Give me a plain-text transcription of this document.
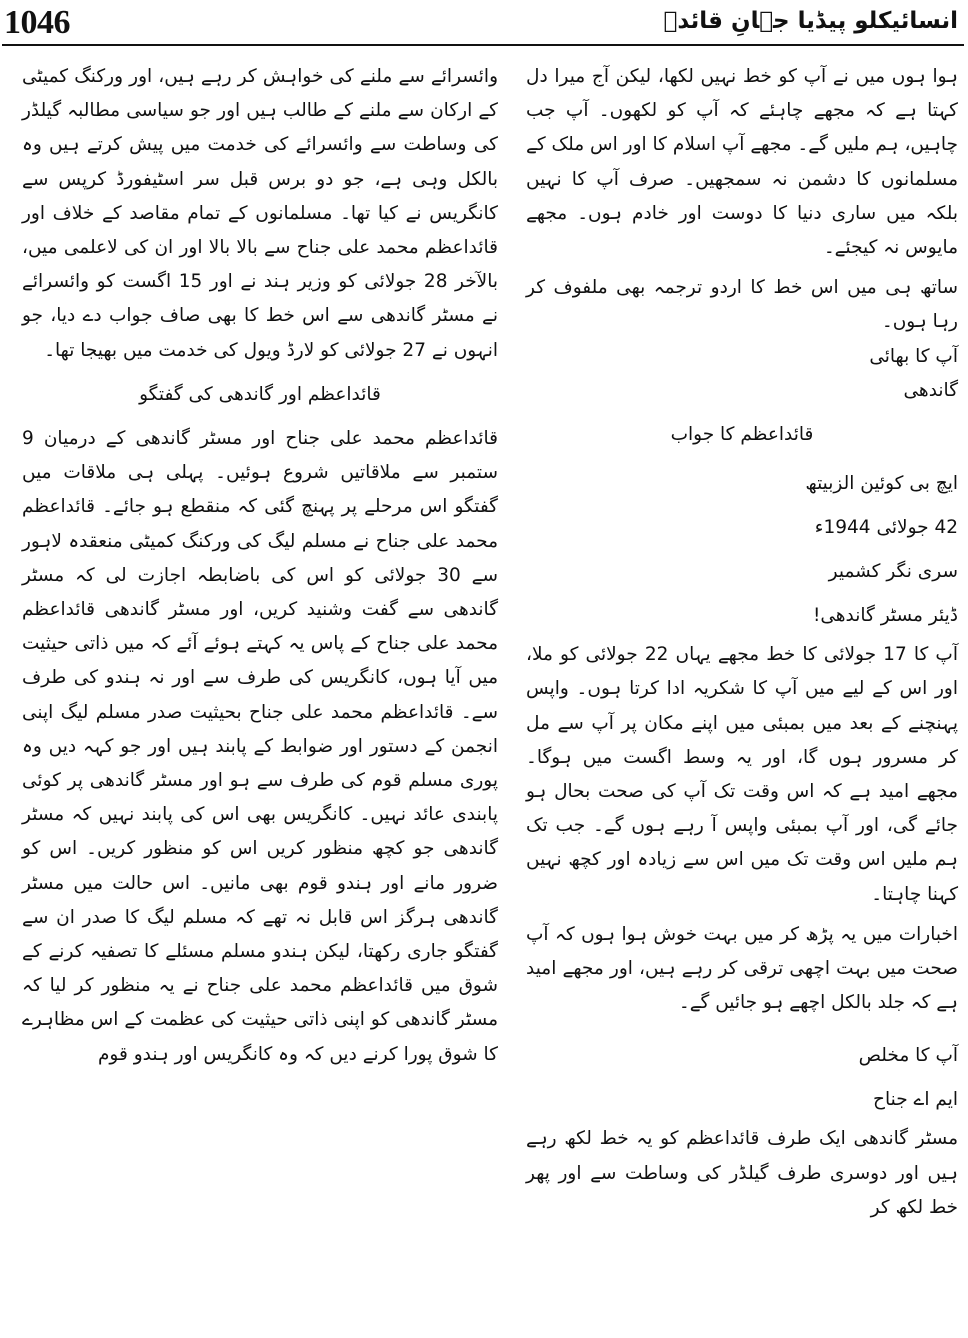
1046	انسائیکلو پیڈیا جہانِ قائدؒ

ہوا ہوں میں نے آپ کو خط نہیں لکھا، لیکن آج میرا دل کہتا ہے کہ مجھے چاہئے کہ آپ کو لکھوں۔ آپ جب چاہیں، ہم ملیں گے۔ مجھے آپ اسلام کا اور اس ملک کے مسلمانوں کا دشمن نہ سمجھیں۔ صرف آپ کا نہیں بلکہ میں ساری دنیا کا دوست اور خادم ہوں۔ مجھے مایوس نہ کیجئے۔

ساتھ ہی میں اس خط کا اردو ترجمہ بھی ملفوف کر رہا ہوں۔

آپ کا بھائی

گاندھی

قائداعظم کا جواب

ایچ بی کوئین الزبیتھ

42 جولائی 1944ء

سری نگر کشمیر

ڈیئر مسٹر گاندھی!

آپ کا 17 جولائی کا خط مجھے یہاں 22 جولائی کو ملا، اور اس کے لیے میں آپ کا شکریہ ادا کرتا ہوں۔ واپس پہنچنے کے بعد میں بمبئی میں اپنے مکان پر آپ سے مل کر مسرور ہوں گا، اور یہ وسط اگست میں ہوگا۔ مجھے امید ہے کہ اس وقت تک آپ کی صحت بحال ہو جائے گی، اور آپ بمبئی واپس آ رہے ہوں گے۔ جب تک ہم ملیں اس وقت تک میں اس سے زیادہ اور کچھ نہیں کہنا چاہتا۔

اخبارات میں یہ پڑھ کر میں بہت خوش ہوا ہوں کہ آپ صحت میں بہت اچھی ترقی کر رہے ہیں، اور مجھے امید ہے کہ جلد بالکل اچھے ہو جائیں گے۔

آپ کا مخلص

ایم اے جناح

مسٹر گاندھی ایک طرف قائداعظم کو یہ خط لکھ رہے ہیں اور دوسری طرف گیلڈر کی وساطت سے اور پھر خط لکھ کر

وائسرائے سے ملنے کی خواہش کر رہے ہیں، اور ورکنگ کمیٹی کے ارکان سے ملنے کے طالب ہیں اور جو سیاسی مطالبہ گیلڈر کی وساطت سے وائسرائے کی خدمت میں پیش کرتے ہیں وہ بالکل وہی ہے، جو دو برس قبل سر اسٹیفورڈ کرپس سے کانگریس نے کیا تھا۔ مسلمانوں کے تمام مقاصد کے خلاف اور قائداعظم محمد علی جناح سے بالا بالا اور ان کی لاعلمی میں، بالآخر 28 جولائی کو وزیر ہند نے اور 15 اگست کو وائسرائے نے مسٹر گاندھی سے اس خط کا بھی صاف جواب دے دیا، جو انہوں نے 27 جولائی کو لارڈ ویول کی خدمت میں بھیجا تھا۔

قائداعظم اور گاندھی کی گفتگو

قائداعظم محمد علی جناح اور مسٹر گاندھی کے درمیان 9 ستمبر سے ملاقاتیں شروع ہوئیں۔ پہلی ہی ملاقات میں گفتگو اس مرحلے پر پہنچ گئی کہ منقطع ہو جائے۔ قائداعظم محمد علی جناح نے مسلم لیگ کی ورکنگ کمیٹی منعقدہ لاہور سے 30 جولائی کو اس کی باضابطہ اجازت لی کہ مسٹر گاندھی سے گفت وشنید کریں، اور مسٹر گاندھی قائداعظم محمد علی جناح کے پاس یہ کہتے ہوئے آئے کہ میں ذاتی حیثیت میں آیا ہوں، کانگریس کی طرف سے اور نہ ہندو کی طرف سے۔ قائداعظم محمد علی جناح بحیثیت صدر مسلم لیگ اپنی انجمن کے دستور اور ضوابط کے پابند ہیں اور جو کہہ دیں وہ پوری مسلم قوم کی طرف سے ہو اور مسٹر گاندھی پر کوئی پابندی عائد نہیں۔ کانگریس بھی اس کی پابند نہیں کہ مسٹر گاندھی جو کچھ منظور کریں اس کو منظور کریں۔ اس کو ضرور مانے اور ہندو قوم بھی مانیں۔ اس حالت میں مسٹر گاندھی ہرگز اس قابل نہ تھے کہ مسلم لیگ کا صدر ان سے گفتگو جاری رکھتا، لیکن ہندو مسلم مسئلے کا تصفیہ کرنے کے شوق میں قائداعظم محمد علی جناح نے یہ منظور کر لیا کہ مسٹر گاندھی کو اپنی ذاتی حیثیت کی عظمت کے اس مظاہرے کا شوق پورا کرنے دیں کہ وہ کانگریس اور ہندو قوم
